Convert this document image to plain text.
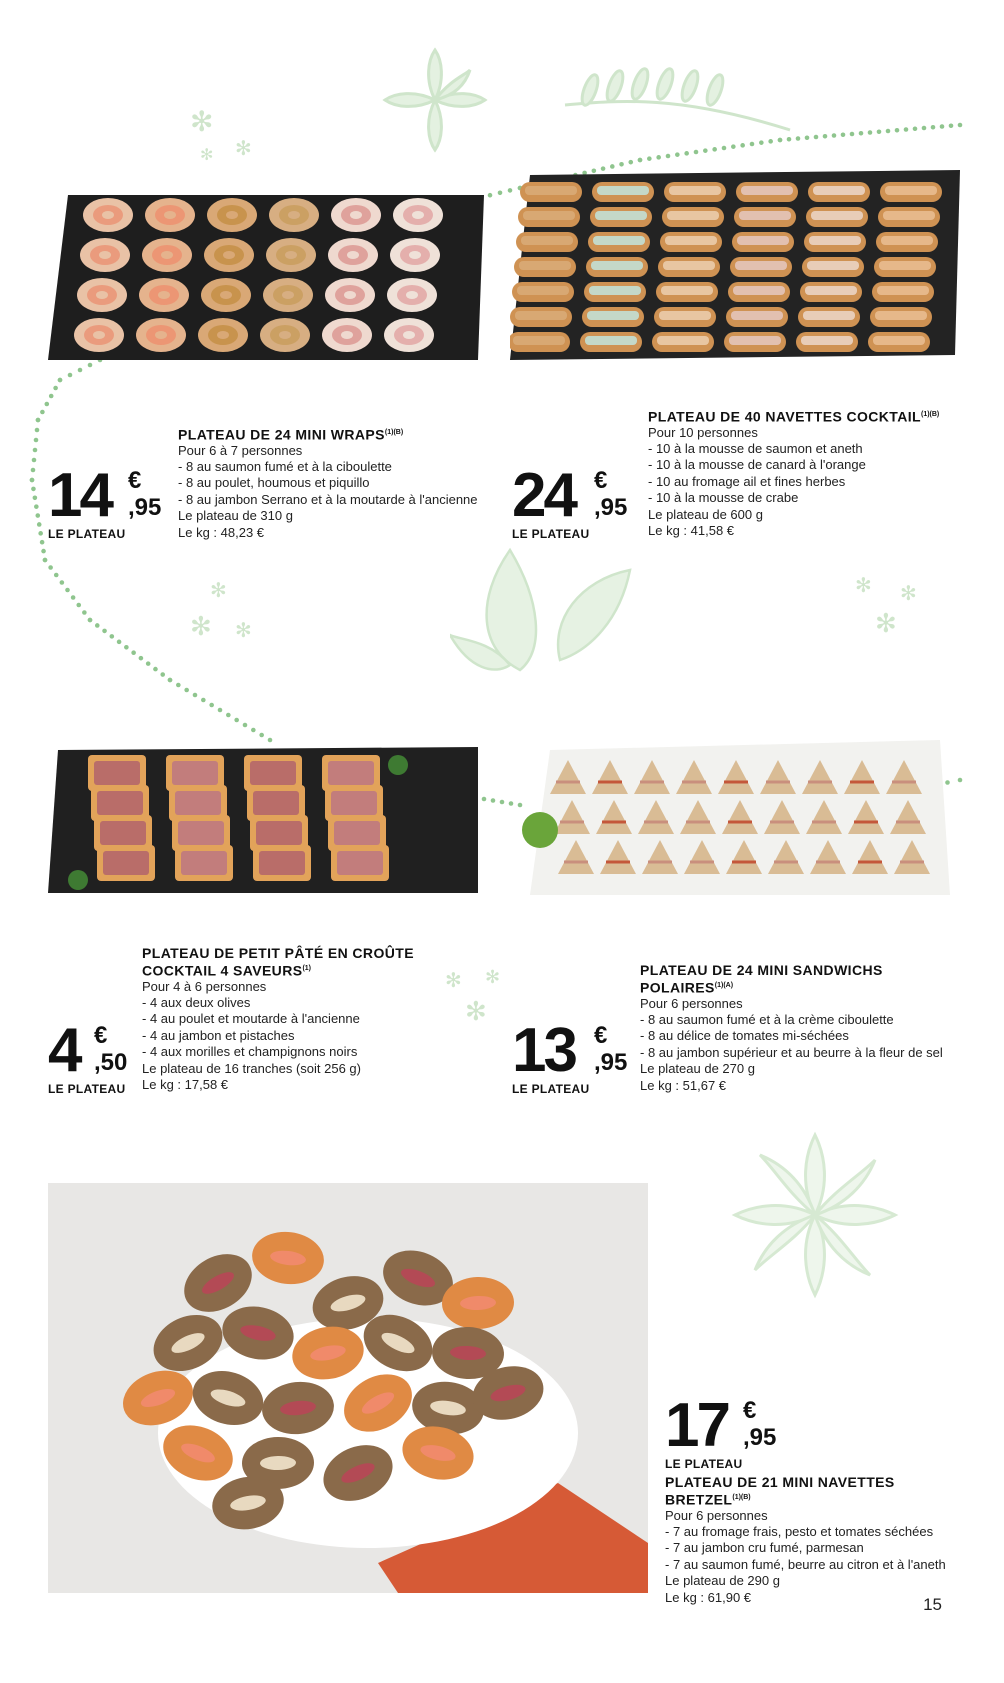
✻
✻
✻
✻
✻ ✻
✻ ✻
✻
✻ ✻
✻
14 €
,95
LE PLATEAU
PLATEAU DE 24 MINI $WRAPS^{(1)(B)}$
Pour 6 à 7 personnes
- 8 au saumon fumé et à la ciboulette
- 8 au poulet, houmous et piquillo
- 8 au jambon Serrano et à la moutarde à l'ancienne
Le plateau de 310 g
Le kg : 48,23 €
24 €
,95
LE PLATEAU
PLATEAU DE 40 NAVETTES $COCKTAIL^{(1)(B)}$
Pour 10 personnes
- 10 à la mousse de saumon et aneth
- 10 à la mousse de canard à l'orange
- 10 au fromage ail et fines herbes
- 10 à la mousse de crabe
Le plateau de 600 g
Le kg : 41,58 €
4 €
,50
LE PLATEAU
PLATEAU DE PETIT PÂTÉ EN CROÛTE
COCKTAIL 4 SAVEURS$^{(1)}$
Pour 4 à 6 personnes
- 4 aux deux olives
- 4 au poulet et moutarde à l'ancienne
- 4 au jambon et pistaches
- 4 aux morilles et champignons noirs
Le plateau de 16 tranches (soit 256 g)
Le kg : 17,58 €	13 €
,95
LE PLATEAU
PLATEAU DE 24 MINI SANDWICHS
$POLAIRES^{(1)(A)}$
Pour 6 personnes
- 8 au saumon fumé et à la crème ciboulette
- 8 au délice de tomates mi-séchées
- 8 au jambon supérieur et au beurre à la fleur de sel
Le plateau de 270 g
Le kg : 51,67 €
17 €
,95
LE PLATEAU
PLATEAU DE 21 MINI NAVETTES
$BRETZEL^{(1)(B)}$
Pour 6 personnes
- 7 au fromage frais, pesto et tomates séchées
- 7 au jambon cru fumé, parmesan
- 7 au saumon fumé, beurre au citron et à l'aneth
Le plateau de 290 g
Le kg : 61,90 €	15
